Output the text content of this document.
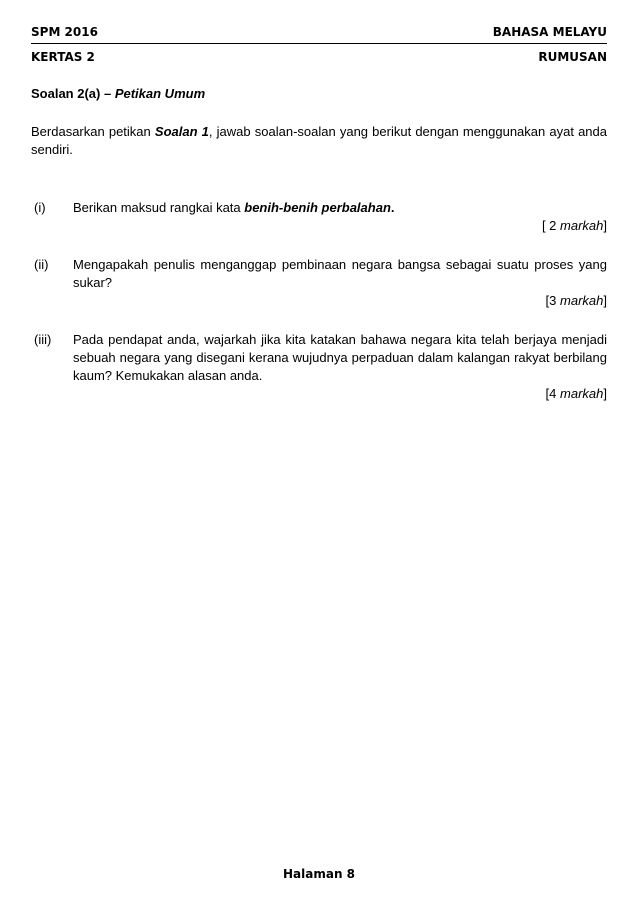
SPM 2016	BAHASA MELAYU
KERTAS 2	RUMUSAN
Soalan 2(a) – Petikan Umum
Berdasarkan petikan Soalan 1, jawab soalan-soalan yang berikut dengan menggunakan ayat anda sendiri.
(i) Berikan maksud rangkai kata benih-benih perbalahan.
[ 2 markah]
(ii) Mengapakah penulis menganggap pembinaan negara bangsa sebagai suatu proses yang sukar?
[3 markah]
(iii) Pada pendapat anda, wajarkah jika kita katakan bahawa negara kita telah berjaya menjadi sebuah negara yang disegani kerana wujudnya perpaduan dalam kalangan rakyat berbilang kaum? Kemukakan alasan anda.
[4 markah]
Halaman 8
